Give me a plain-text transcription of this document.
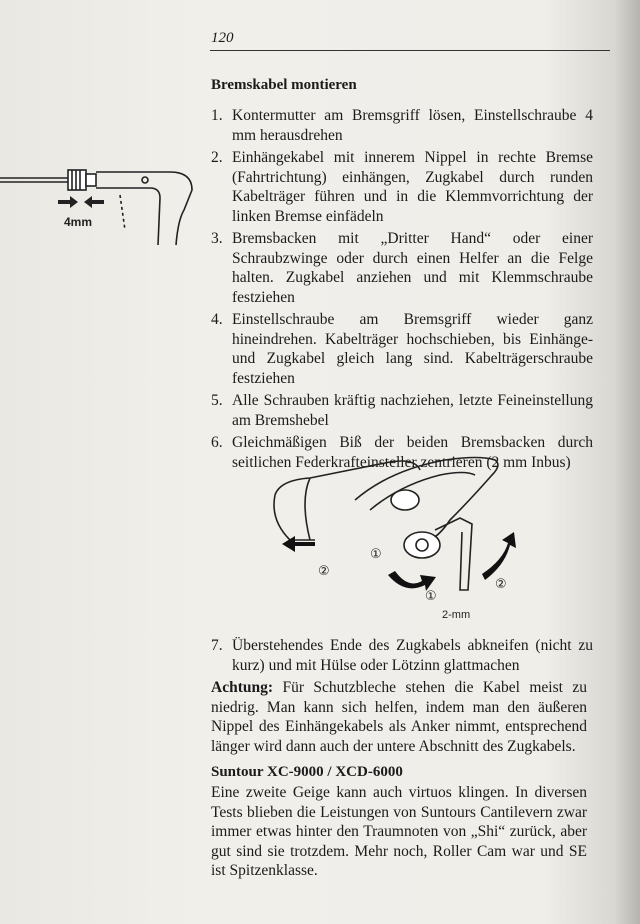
120
Bremskabel montieren
4mm
1. Kontermutter am Bremsgriff lösen, Einstellschraube 4 mm herausdrehen
2. Einhängekabel mit innerem Nippel in rechte Bremse (Fahrtrichtung) einhängen, Zugkabel durch runden Kabelträger führen und in die Klemmvorrichtung der linken Bremse einfädeln
3. Bremsbacken mit „Dritter Hand“ oder einer Schraubzwinge oder durch einen Helfer an die Felge halten. Zugkabel anziehen und mit Klemmschraube festziehen
4. Einstellschraube am Bremsgriff wieder ganz hineindrehen. Kabelträger hochschieben, bis Einhänge- und Zugkabel gleich lang sind. Kabelträgerschraube festziehen
5. Alle Schrauben kräftig nachziehen, letzte Feineinstellung am Bremshebel
6. Gleichmäßigen Biß der beiden Bremsbacken durch seitlichen Federkrafteinsteller zentrieren (2 mm Inbus)
①
②
②
①
2-mm
7. Überstehendes Ende des Zugkabels abkneifen (nicht zu kurz) und mit Hülse oder Lötzinn glattmachen
Achtung: Für Schutzbleche stehen die Kabel meist zu niedrig. Man kann sich helfen, indem man den äußeren Nippel des Einhängekabels als Anker nimmt, entsprechend länger wird dann auch der untere Abschnitt des Zugkabels.
Suntour XC-9000 / XCD-6000
Eine zweite Geige kann auch virtuos klingen. In diversen Tests blieben die Leistungen von Suntours Cantilevern zwar immer etwas hinter den Traumnoten von „Shi“ zurück, aber gut sind sie trotzdem. Mehr noch, Roller Cam war und SE ist Spitzenklasse.
